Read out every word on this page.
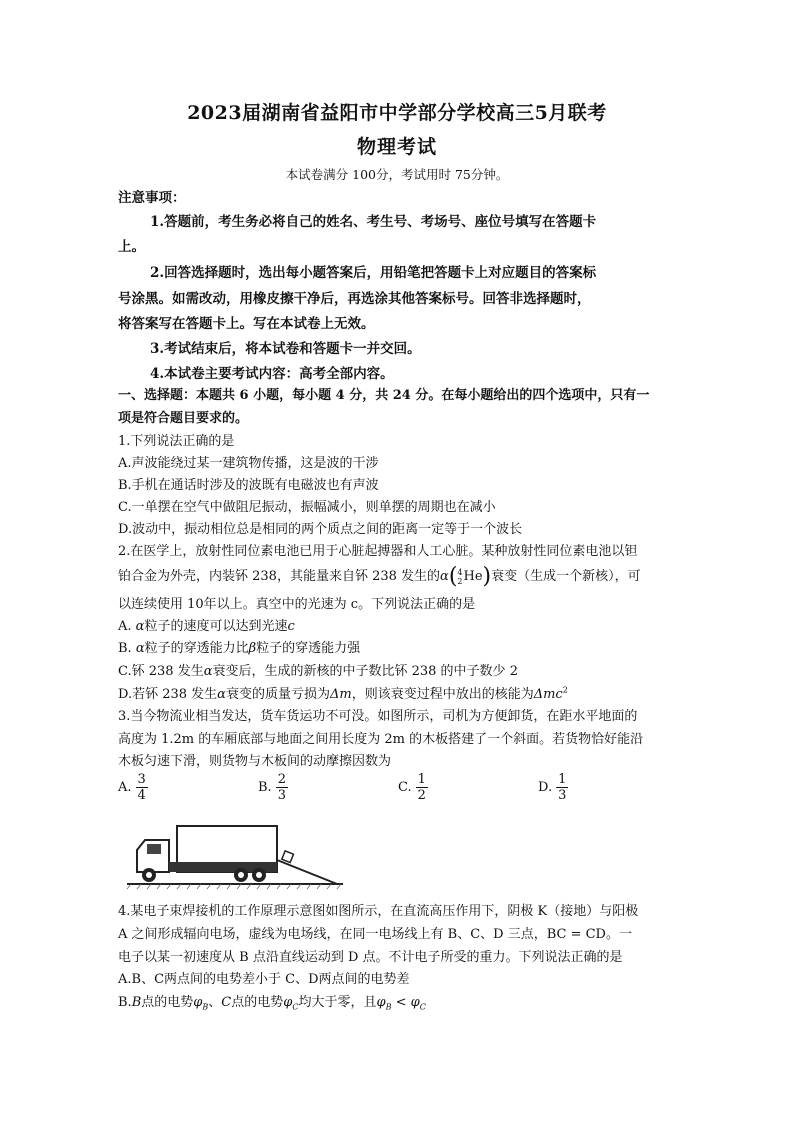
2023届湖南省益阳市中学部分学校高三5月联考
物理考试
本试卷满分 100分，考试用时 75分钟。
注意事项：
1.答题前，考生务必将自己的姓名、考生号、考场号、座位号填写在答题卡
上。
2.回答选择题时，选出每小题答案后，用铅笔把答题卡上对应题目的答案标
号涂黑。如需改动，用橡皮擦干净后，再选涂其他答案标号。回答非选择题时，
将答案写在答题卡上。写在本试卷上无效。
3.考试结束后，将本试卷和答题卡一并交回。
4.本试卷主要考试内容：高考全部内容。
一、选择题：本题共 6 小题，每小题 4 分，共 24 分。在每小题给出的四个选项中，只有一
项是符合题目要求的。
1.下列说法正确的是
A.声波能绕过某一建筑物传播，这是波的干涉
B.手机在通话时涉及的波既有电磁波也有声波
C.一单摆在空气中做阻尼振动，振幅减小，则单摆的周期也在减小
D.波动中，振动相位总是相同的两个质点之间的距离一定等于一个波长
2.在医学上，放射性同位素电池已用于心脏起搏器和人工心脏。某种放射性同位素电池以钽
铂合金为外壳，内装钚 238，其能量来自钚 238 发生的α(4
2He)衰变（生成一个新核），可
以连续使用 10年以上。真空中的光速为 c。下列说法正确的是
A. α粒子的速度可以达到光速c
B. α粒子的穿透能力比β粒子的穿透能力强
C.钚 238 发生α衰变后，生成的新核的中子数比钚 238 的中子数少 2
D.若钚 238 发生α衰变的质量亏损为Δm，则该衰变过程中放出的核能为Δmc$^2$
3.当今物流业相当发达，货车货运功不可没。如图所示，司机为方便卸货，在距水平地面的
高度为 1.2m 的车厢底部与地面之间用长度为 2m 的木板搭建了一个斜面。若货物恰好能沿
木板匀速下滑，则货物与木板间的动摩擦因数为
A. $\frac{3}{4}$	B. $\frac{2}{3}$	C. $\frac{1}{2}$	D. $\frac{1}{3}$
4.某电子束焊接机的工作原理示意图如图所示，在直流高压作用下，阴极 K（接地）与阳极
A 之间形成辐向电场，虚线为电场线，在同一电场线上有 B、C、D 三点，BC = CD。一
电子以某一初速度从 B 点沿直线运动到 D 点。不计电子所受的重力。下列说法正确的是
A.B、C两点间的电势差小于 C、D两点间的电势差
B.B点的电势$\varphi_B$、C点的电势$\varphi_C$均大于零，且$\varphi_B < \varphi_C$
